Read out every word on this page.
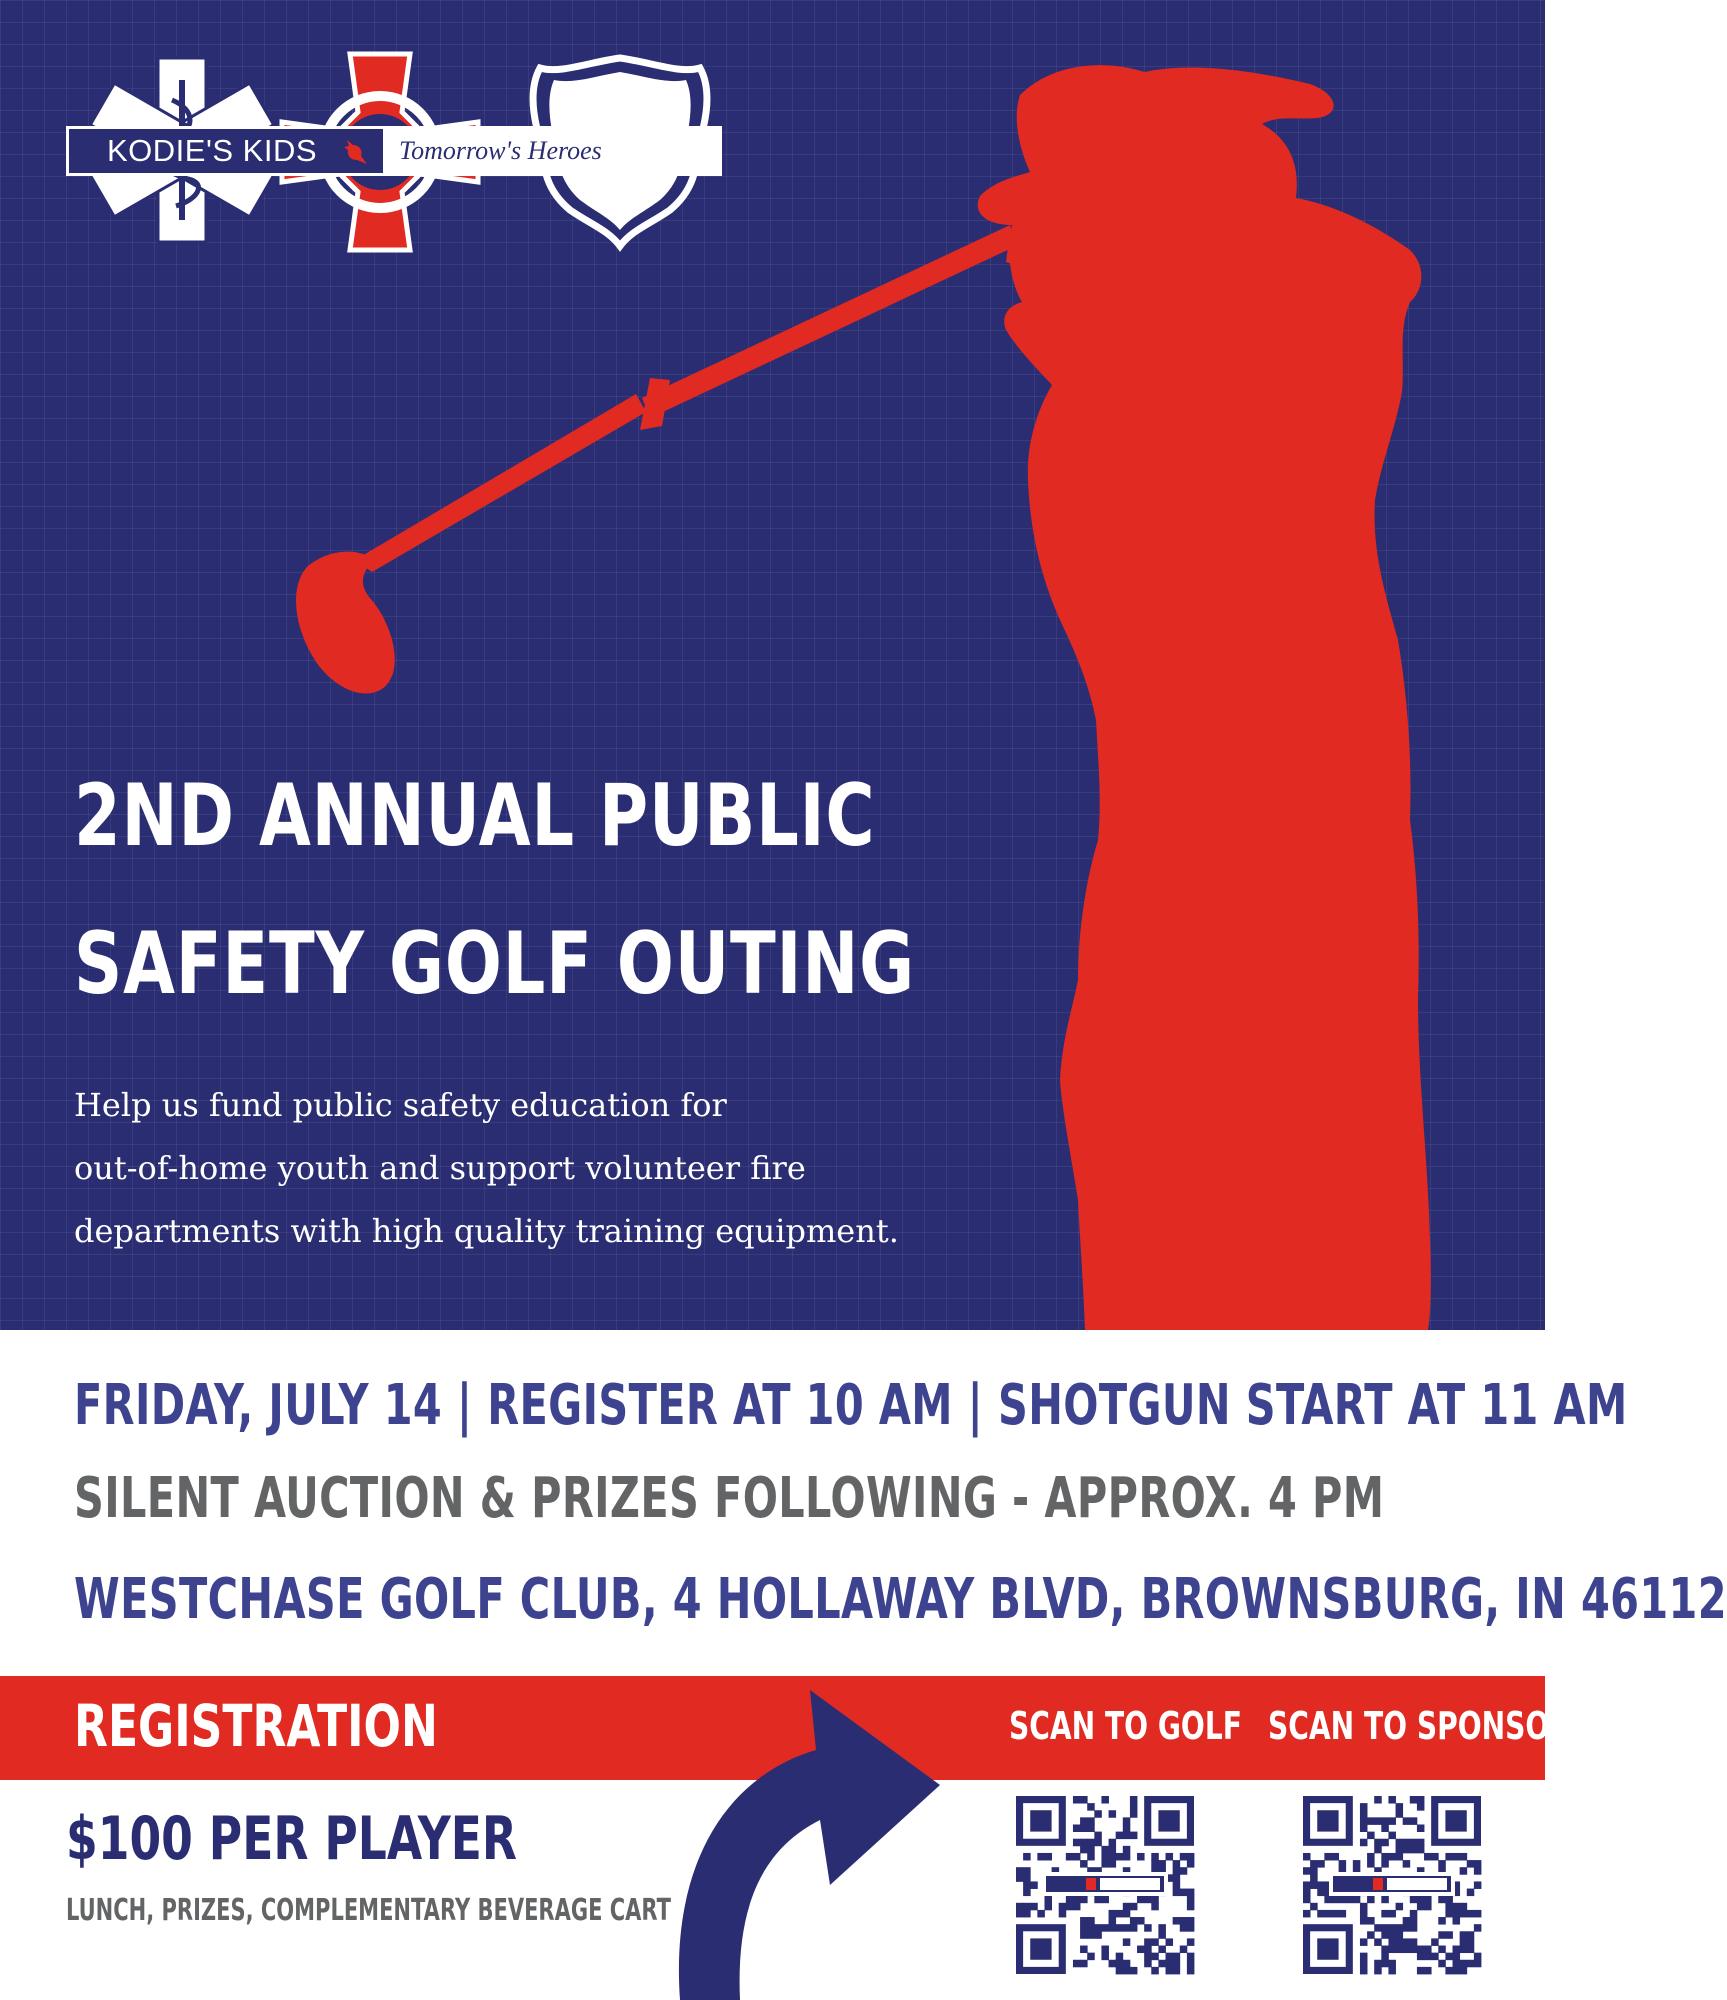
KODIE'S KIDS	Tomorrow's Heroes
2ND ANNUAL PUBLIC
SAFETY GOLF OUTING

Help us fund public safety education for
out-of-home youth and support volunteer fire
departments with high quality training equipment.

FRIDAY, JULY 14 | REGISTER AT 10 AM | SHOTGUN START AT 11 AM

SILENT AUCTION & PRIZES FOLLOWING - APPROX. 4 PM

WESTCHASE GOLF CLUB, 4 HOLLAWAY BLVD, BROWNSBURG, IN 46112

REGISTRATION	SCAN TO GOLF SCAN TO SPONSOR

$100 PER PLAYER

LUNCH, PRIZES, COMPLEMENTARY BEVERAGE CART
